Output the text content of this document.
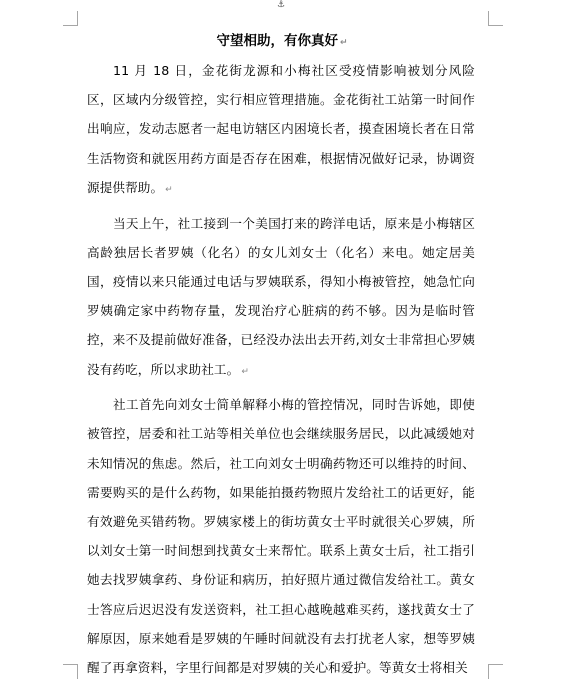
⚓
守望相助，有你真好 ↵

11 月 18 日，金花街龙源和小梅社区受疫情影响被划分风险区，区域内分级管控，实行相应管理措施。金花街社工站第一时间作出响应，发动志愿者一起电访辖区内困境长者，摸查困境长者在日常生活物资和就医用药方面是否存在困难，根据情况做好记录，协调资源提供帮助。 ↵

当天上午，社工接到一个美国打来的跨洋电话，原来是小梅辖区高龄独居长者罗姨（化名）的女儿刘女士（化名）来电。她定居美国，疫情以来只能通过电话与罗姨联系，得知小梅被管控，她急忙向罗姨确定家中药物存量，发现治疗心脏病的药不够。因为是临时管控，来不及提前做好准备，已经没办法出去开药,刘女士非常担心罗姨没有药吃，所以求助社工。 ↵

社工首先向刘女士简单解释小梅的管控情况，同时告诉她，即使被管控，居委和社工站等相关单位也会继续服务居民，以此减缓她对未知情况的焦虑。然后，社工向刘女士明确药物还可以维持的时间、需要购买的是什么药物，如果能拍摄药物照片发给社工的话更好，能有效避免买错药物。罗姨家楼上的街坊黄女士平时就很关心罗姨，所以刘女士第一时间想到找黄女士来帮忙。联系上黄女士后，社工指引她去找罗姨拿药、身份证和病历，拍好照片通过微信发给社工。黄女士答应后迟迟没有发送资料，社工担心越晚越难买药，遂找黄女士了解原因，原来她看是罗姨的午睡时间就没有去打扰老人家，想等罗姨醒了再拿资料，字里行间都是对罗姨的关心和爱护。等黄女士将相关
